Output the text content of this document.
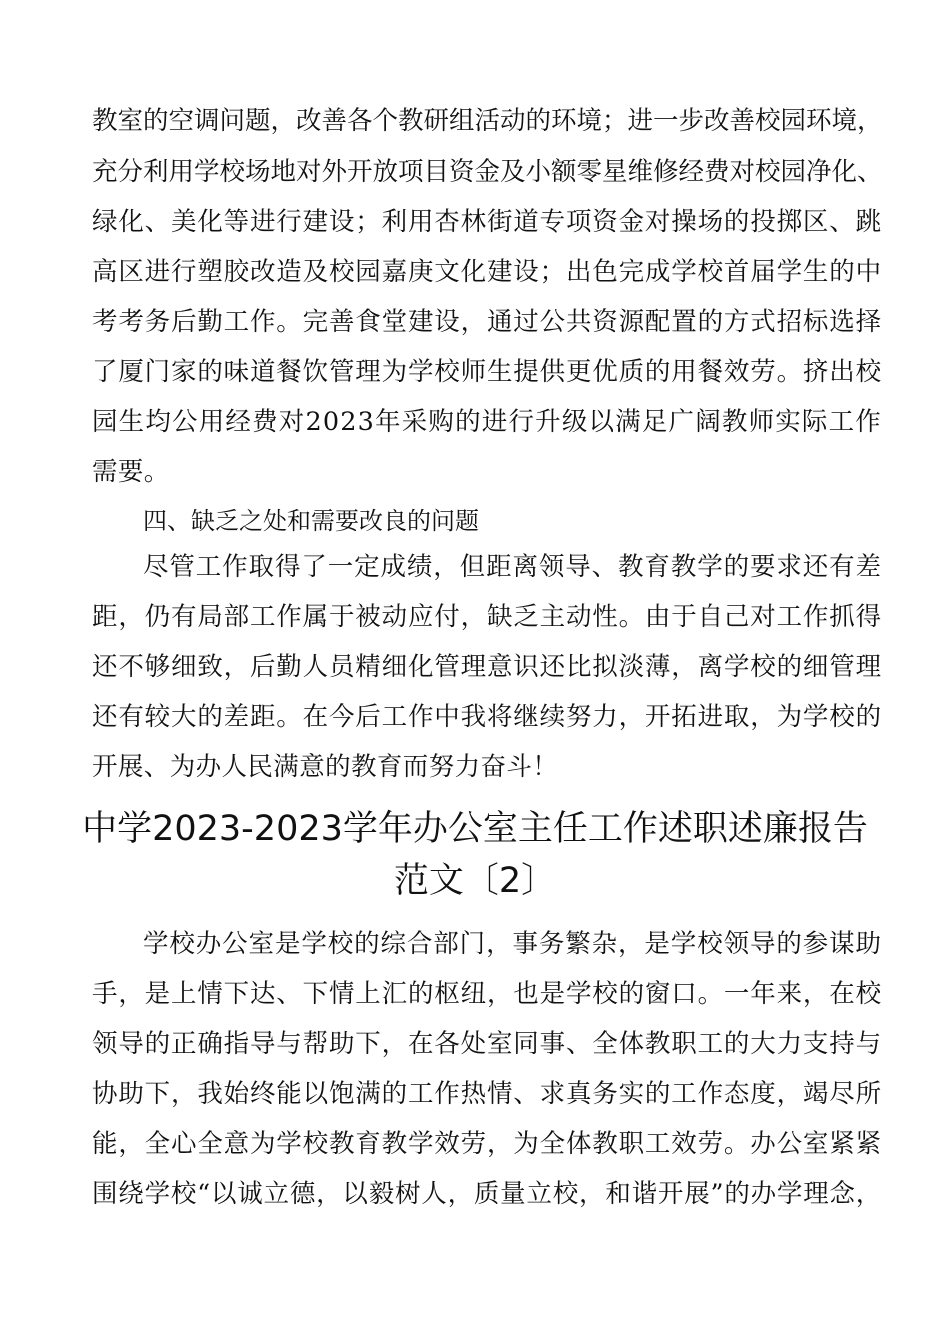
教室的空调问题，改善各个教研组活动的环境；进一步改善校园环境，

充分利用学校场地对外开放项目资金及小额零星维修经费对校园净化、

绿化、美化等进行建设；利用杏林街道专项资金对操场的投掷区、跳

高区进行塑胶改造及校园嘉庚文化建设；出色完成学校首届学生的中

考考务后勤工作。完善食堂建设，通过公共资源配置的方式招标选择

了厦门家的味道餐饮管理为学校师生提供更优质的用餐效劳。挤出校

园生均公用经费对2023年采购的进行升级以满足广阔教师实际工作

需要。

四、缺乏之处和需要改良的问题

尽管工作取得了一定成绩，但距离领导、教育教学的要求还有差

距，仍有局部工作属于被动应付，缺乏主动性。由于自己对工作抓得

还不够细致，后勤人员精细化管理意识还比拟淡薄，离学校的细管理

还有较大的差距。在今后工作中我将继续努力，开拓进取，为学校的

开展、为办人民满意的教育而努力奋斗！

中学2023-2023学年办公室主任工作述职述廉报告
范文〔2〕

学校办公室是学校的综合部门，事务繁杂，是学校领导的参谋助

手，是上情下达、下情上汇的枢纽，也是学校的窗口。一年来，在校

领导的正确指导与帮助下，在各处室同事、全体教职工的大力支持与

协助下，我始终能以饱满的工作热情、求真务实的工作态度，竭尽所

能，全心全意为学校教育教学效劳，为全体教职工效劳。办公室紧紧

围绕学校“以诚立德，以毅树人，质量立校，和谐开展”的办学理念，
